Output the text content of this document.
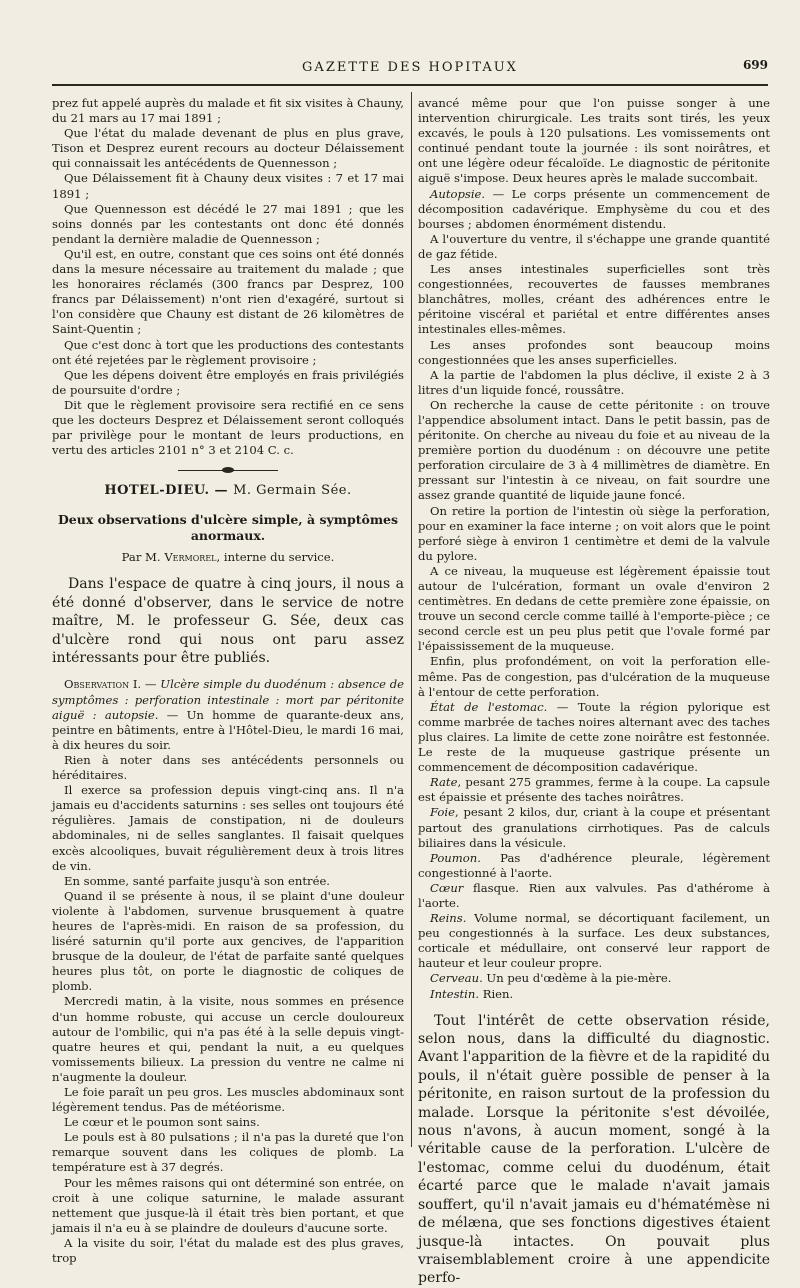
GAZETTE DES HOPITAUX	699

prez fut appelé auprès du malade et fit six visites à Chauny, du 21 mars au 17 mai 1891 ;

Que l'état du malade devenant de plus en plus grave, Tison et Desprez eurent recours au docteur Délaissement qui connaissait les antécédents de Quennesson ;

Que Délaissement fit à Chauny deux visites : 7 et 17 mai 1891 ;

Que Quennesson est décédé le 27 mai 1891 ; que les soins donnés par les contestants ont donc été donnés pendant la dernière maladie de Quennesson ;

Qu'il est, en outre, constant que ces soins ont été donnés dans la mesure nécessaire au traitement du malade ; que les honoraires réclamés (300 francs par Desprez, 100 francs par Délaissement) n'ont rien d'exagéré, surtout si l'on considère que Chauny est distant de 26 kilomètres de Saint-Quentin ;

Que c'est donc à tort que les productions des contestants ont été rejetées par le règlement provisoire ;

Que les dépens doivent être employés en frais privilégiés de poursuite d'ordre ;

Dit que le règlement provisoire sera rectifié en ce sens que les docteurs Desprez et Délaissement seront colloqués par privilège pour le montant de leurs productions, en vertu des articles 2101 n° 3 et 2104 C. c.

HOTEL-DIEU. — M. Germain Sée.
Deux observations d'ulcère simple, à symptômes anormaux.
Par M. Vermorel, interne du service.

Dans l'espace de quatre à cinq jours, il nous a été donné d'observer, dans le service de notre maître, M. le professeur G. Sée, deux cas d'ulcère rond qui nous ont paru assez intéressants pour être publiés.

Observation I. — Ulcère simple du duodénum : absence de symptômes : perforation intestinale : mort par péritonite aiguë : autopsie. — Un homme de quarante-deux ans, peintre en bâtiments, entre à l'Hôtel-Dieu, le mardi 16 mai, à dix heures du soir.

Rien à noter dans ses antécédents personnels ou héréditaires.

Il exerce sa profession depuis vingt-cinq ans. Il n'a jamais eu d'accidents saturnins : ses selles ont toujours été régulières. Jamais de constipation, ni de douleurs abdominales, ni de selles sanglantes. Il faisait quelques excès alcooliques, buvait régulièrement deux à trois litres de vin.

En somme, santé parfaite jusqu'à son entrée.

Quand il se présente à nous, il se plaint d'une douleur violente à l'abdomen, survenue brusquement à quatre heures de l'après-midi. En raison de sa profession, du liséré saturnin qu'il porte aux gencives, de l'apparition brusque de la douleur, de l'état de parfaite santé quelques heures plus tôt, on porte le diagnostic de coliques de plomb.

Mercredi matin, à la visite, nous sommes en présence d'un homme robuste, qui accuse un cercle douloureux autour de l'ombilic, qui n'a pas été à la selle depuis vingt-quatre heures et qui, pendant la nuit, a eu quelques vomissements bilieux. La pression du ventre ne calme ni n'augmente la douleur.

Le foie paraît un peu gros. Les muscles abdominaux sont légèrement tendus. Pas de météorisme.

Le cœur et le poumon sont sains.

Le pouls est à 80 pulsations ; il n'a pas la dureté que l'on remarque souvent dans les coliques de plomb. La température est à 37 degrés.

Pour les mêmes raisons qui ont déterminé son entrée, on croit à une colique saturnine, le malade assurant nettement que jusque-là il était très bien portant, et que jamais il n'a eu à se plaindre de douleurs d'aucune sorte.

A la visite du soir, l'état du malade est des plus graves, trop

avancé même pour que l'on puisse songer à une intervention chirurgicale. Les traits sont tirés, les yeux excavés, le pouls à 120 pulsations. Les vomissements ont continué pendant toute la journée : ils sont noirâtres, et ont une légère odeur fécaloïde. Le diagnostic de péritonite aiguë s'impose. Deux heures après le malade succombait.

Autopsie. — Le corps présente un commencement de décomposition cadavérique. Emphysème du cou et des bourses ; abdomen énormément distendu.

A l'ouverture du ventre, il s'échappe une grande quantité de gaz fétide.

Les anses intestinales superficielles sont très congestionnées, recouvertes de fausses membranes blanchâtres, molles, créant des adhérences entre le péritoine viscéral et pariétal et entre différentes anses intestinales elles-mêmes.

Les anses profondes sont beaucoup moins congestionnées que les anses superficielles.

A la partie de l'abdomen la plus déclive, il existe 2 à 3 litres d'un liquide foncé, roussâtre.

On recherche la cause de cette péritonite : on trouve l'appendice absolument intact. Dans le petit bassin, pas de péritonite. On cherche au niveau du foie et au niveau de la première portion du duodénum : on découvre une petite perforation circulaire de 3 à 4 millimètres de diamètre. En pressant sur l'intestin à ce niveau, on fait sourdre une assez grande quantité de liquide jaune foncé.

On retire la portion de l'intestin où siège la perforation, pour en examiner la face interne ; on voit alors que le point perforé siège à environ 1 centimètre et demi de la valvule du pylore.

A ce niveau, la muqueuse est légèrement épaissie tout autour de l'ulcération, formant un ovale d'environ 2 centimètres. En dedans de cette première zone épaissie, on trouve un second cercle comme taillé à l'emporte-pièce ; ce second cercle est un peu plus petit que l'ovale formé par l'épaississement de la muqueuse.

Enfin, plus profondément, on voit la perforation elle-même. Pas de congestion, pas d'ulcération de la muqueuse à l'entour de cette perforation.

État de l'estomac. — Toute la région pylorique est comme marbrée de taches noires alternant avec des taches plus claires. La limite de cette zone noirâtre est festonnée. Le reste de la muqueuse gastrique présente un commencement de décomposition cadavérique.

Rate, pesant 275 grammes, ferme à la coupe. La capsule est épaissie et présente des taches noirâtres.

Foie, pesant 2 kilos, dur, criant à la coupe et présentant partout des granulations cirrhotiques. Pas de calculs biliaires dans la vésicule.

Poumon. Pas d'adhérence pleurale, légèrement congestionné à l'aorte.

Cœur flasque. Rien aux valvules. Pas d'athérome à l'aorte.

Reins. Volume normal, se décortiquant facilement, un peu congestionnés à la surface. Les deux substances, corticale et médullaire, ont conservé leur rapport de hauteur et leur couleur propre.

Cerveau. Un peu d'œdème à la pie-mère.

Intestin. Rien.

Tout l'intérêt de cette observation réside, selon nous, dans la difficulté du diagnostic. Avant l'apparition de la fièvre et de la rapidité du pouls, il n'était guère possible de penser à la péritonite, en raison surtout de la profession du malade. Lorsque la péritonite s'est dévoilée, nous n'avons, à aucun moment, songé à la véritable cause de la perforation. L'ulcère de l'estomac, comme celui du duodénum, était écarté parce que le malade n'avait jamais souffert, qu'il n'avait jamais eu d'hématémèse ni de mélæna, que ses fonctions digestives étaient jusque-là intactes. On pouvait plus vraisemblablement croire à une appendicite perfo-
